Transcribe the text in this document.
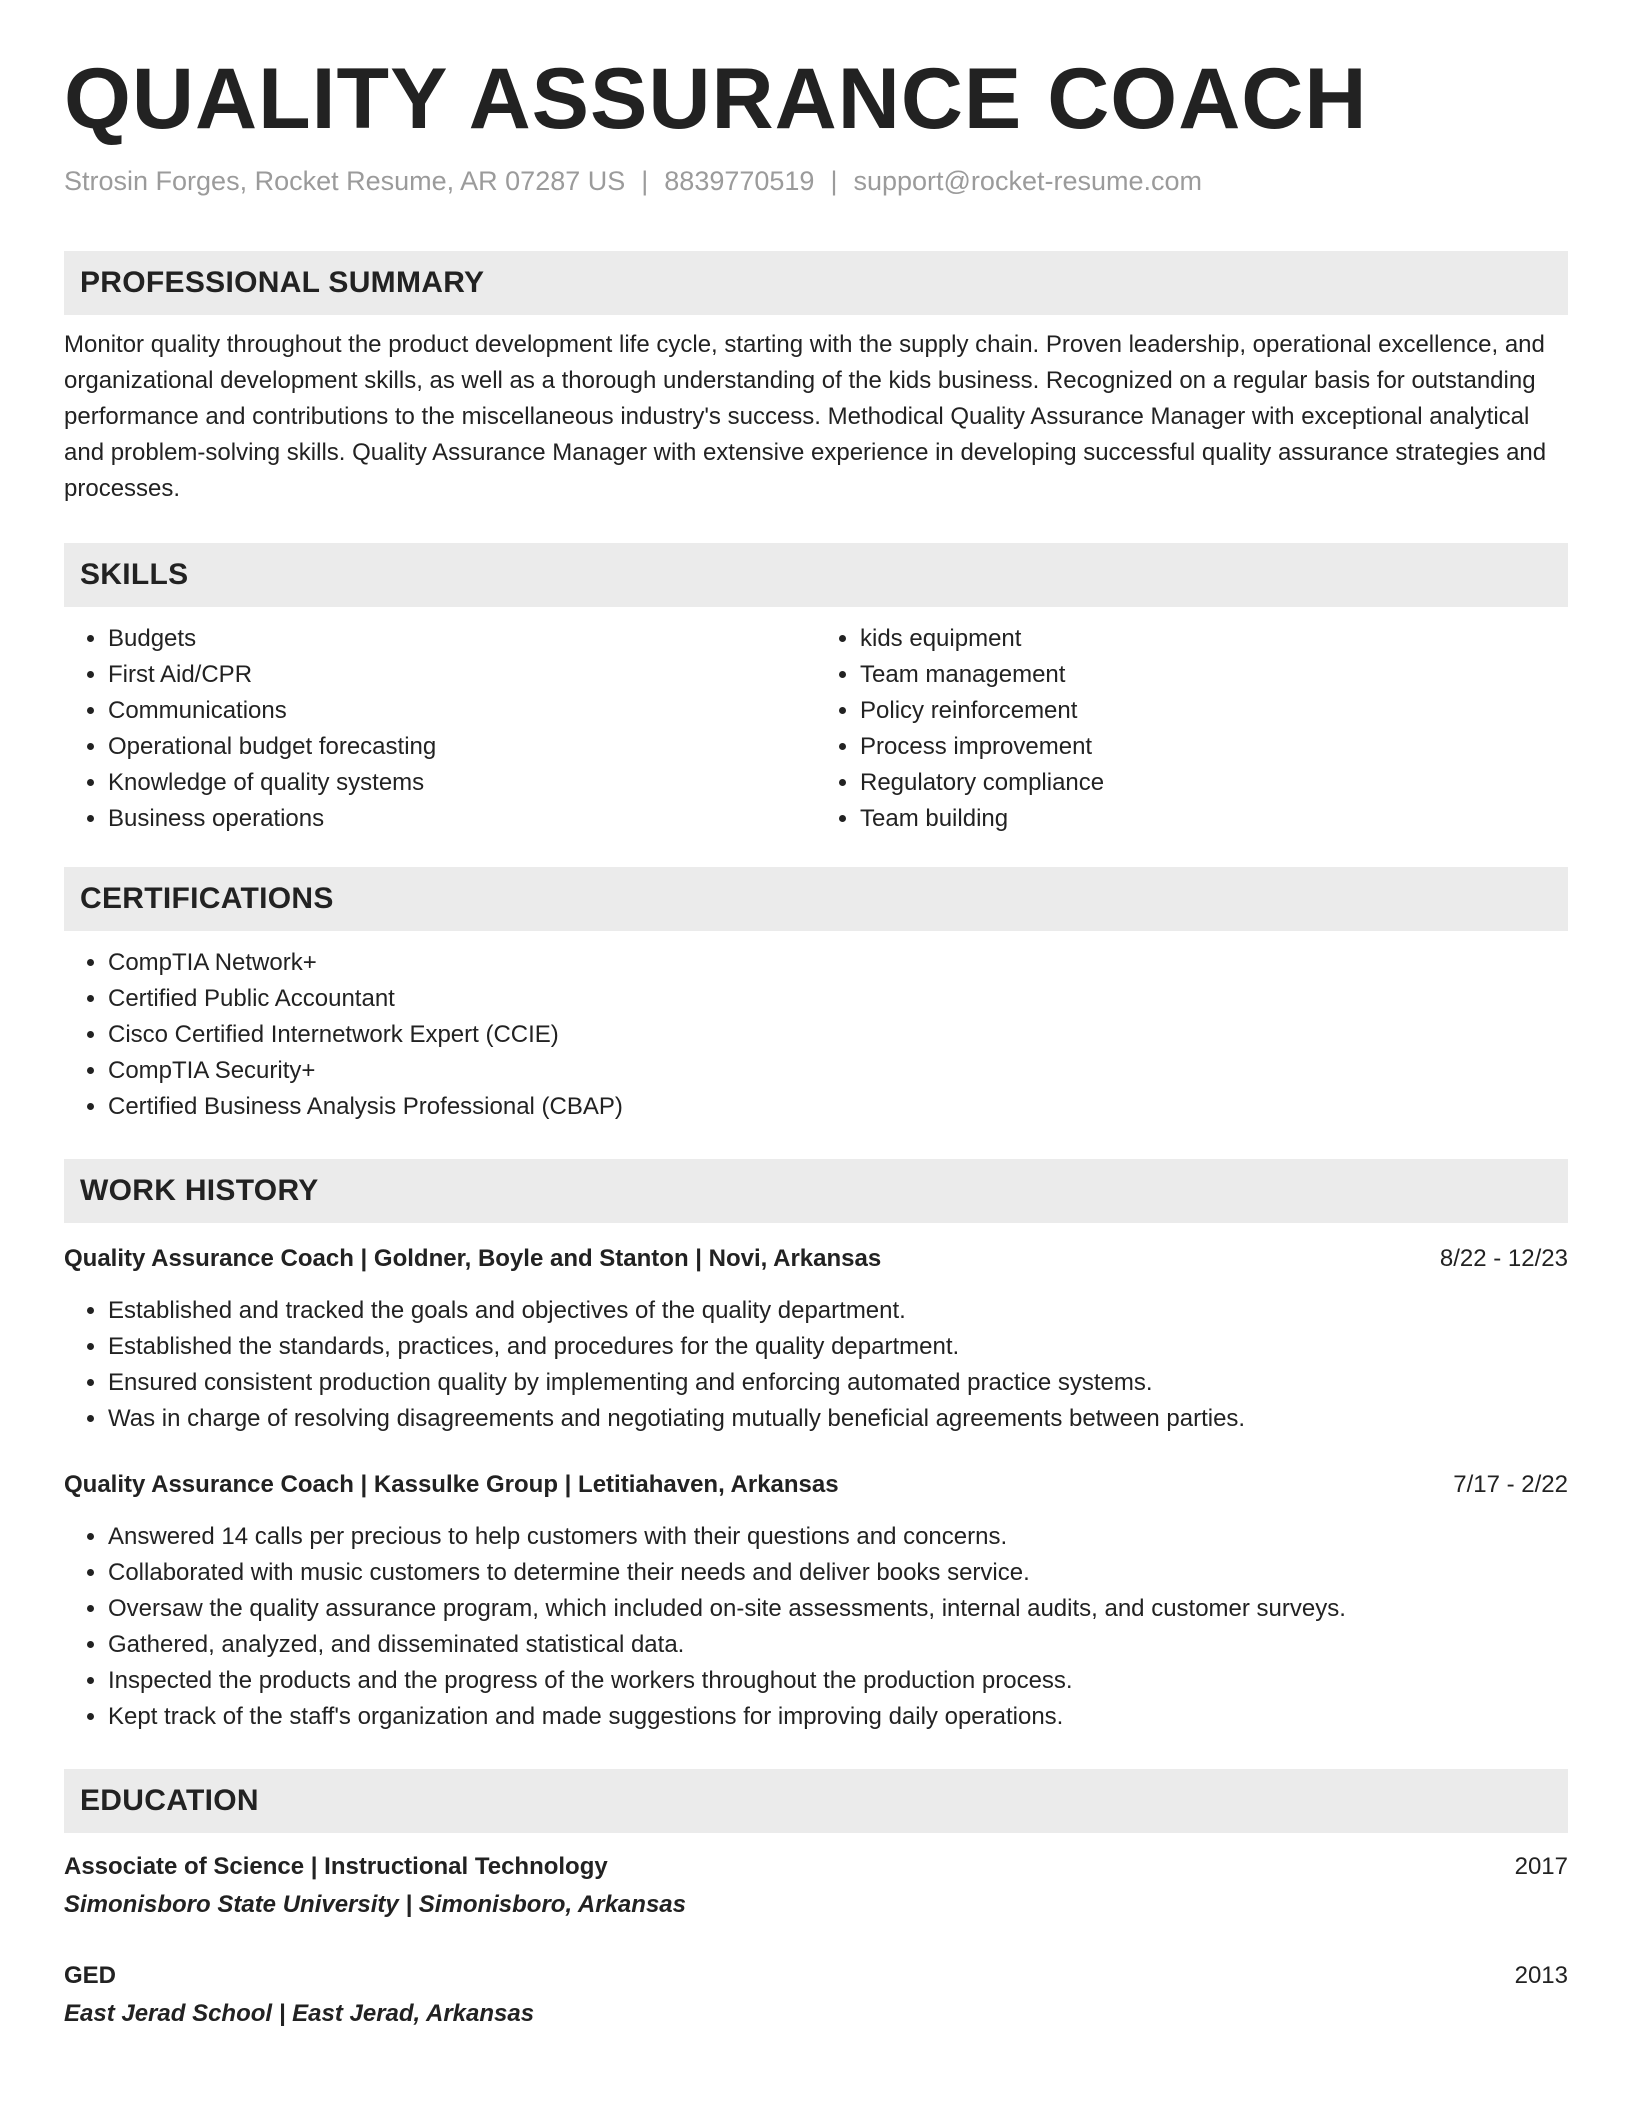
QUALITY ASSURANCE COACH
Strosin Forges, Rocket Resume, AR 07287 US | 8839770519 | support@rocket-resume.com
PROFESSIONAL SUMMARY
Monitor quality throughout the product development life cycle, starting with the supply chain. Proven leadership, operational excellence, and organizational development skills, as well as a thorough understanding of the kids business. Recognized on a regular basis for outstanding performance and contributions to the miscellaneous industry's success. Methodical Quality Assurance Manager with exceptional analytical and problem-solving skills. Quality Assurance Manager with extensive experience in developing successful quality assurance strategies and processes.
SKILLS
• Budgets
• First Aid/CPR
• Communications
• Operational budget forecasting
• Knowledge of quality systems
• Business operations
• kids equipment
• Team management
• Policy reinforcement
• Process improvement
• Regulatory compliance
• Team building
CERTIFICATIONS
• CompTIA Network+
• Certified Public Accountant
• Cisco Certified Internetwork Expert (CCIE)
• CompTIA Security+
• Certified Business Analysis Professional (CBAP)
WORK HISTORY
Quality Assurance Coach | Goldner, Boyle and Stanton | Novi, Arkansas	8/22 - 12/23
• Established and tracked the goals and objectives of the quality department.
• Established the standards, practices, and procedures for the quality department.
• Ensured consistent production quality by implementing and enforcing automated practice systems.
• Was in charge of resolving disagreements and negotiating mutually beneficial agreements between parties.
Quality Assurance Coach | Kassulke Group | Letitiahaven, Arkansas	7/17 - 2/22
• Answered 14 calls per precious to help customers with their questions and concerns.
• Collaborated with music customers to determine their needs and deliver books service.
• Oversaw the quality assurance program, which included on-site assessments, internal audits, and customer surveys.
• Gathered, analyzed, and disseminated statistical data.
• Inspected the products and the progress of the workers throughout the production process.
• Kept track of the staff's organization and made suggestions for improving daily operations.
EDUCATION
Associate of Science | Instructional Technology	2017
Simonisboro State University | Simonisboro, Arkansas
GED	2013
East Jerad School | East Jerad, Arkansas
